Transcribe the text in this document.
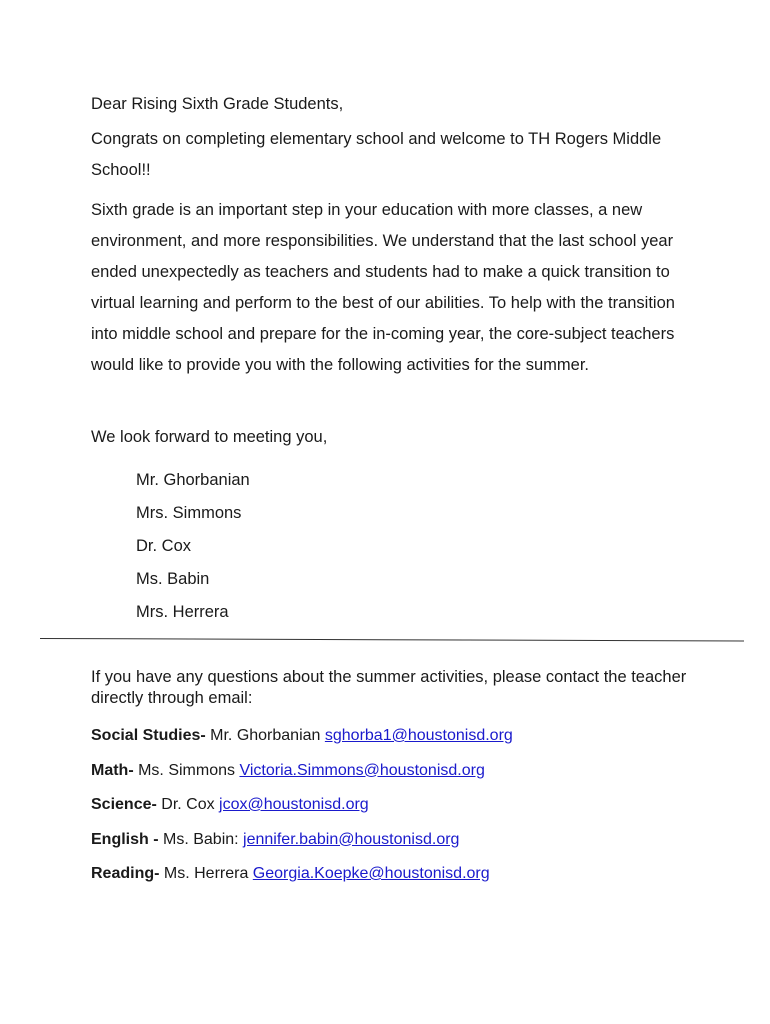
Dear Rising Sixth Grade Students,

Congrats on completing elementary school and welcome to TH Rogers Middle School!!

Sixth grade is an important step in your education with more classes, a new environment, and more responsibilities. We understand that the last school year ended unexpectedly as teachers and students had to make a quick transition to virtual learning and perform to the best of our abilities. To help with the transition into middle school and prepare for the in-coming year, the core-subject teachers would like to provide you with the following activities for the summer.

We look forward to meeting you,

Mr. Ghorbanian
Mrs. Simmons
Dr. Cox
Ms. Babin
Mrs. Herrera

If you have any questions about the summer activities, please contact the teacher directly through email:

Social Studies- Mr. Ghorbanian sghorba1@houstonisd.org
Math- Ms. Simmons Victoria.Simmons@houstonisd.org
Science- Dr. Cox jcox@houstonisd.org
English - Ms. Babin: jennifer.babin@houstonisd.org
Reading- Ms. Herrera Georgia.Koepke@houstonisd.org
